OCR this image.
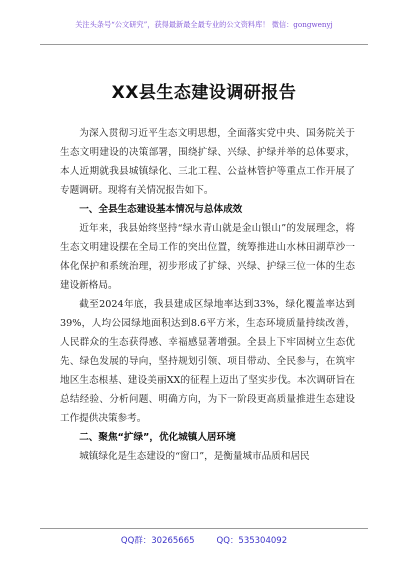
关注头条号“公文研究”，获得最新最全最专业的公文资料库！ 微信：gongwenyj
XX县生态建设调研报告

为深入贯彻习近平生态文明思想，全面落实党中央、国务院关于生态文明建设的决策部署，围绕扩绿、兴绿、护绿并举的总体要求，本人近期就我县城镇绿化、三北工程、公益林管护等重点工作开展了专题调研。现将有关情况报告如下。

一、全县生态建设基本情况与总体成效

近年来，我县始终坚持“绿水青山就是金山银山”的发展理念，将生态文明建设摆在全局工作的突出位置，统筹推进山水林田湖草沙一体化保护和系统治理，初步形成了扩绿、兴绿、护绿三位一体的生态建设新格局。

截至2024年底，我县建成区绿地率达到33%，绿化覆盖率达到39%，人均公园绿地面积达到8.6平方米，生态环境质量持续改善，人民群众的生态获得感、幸福感显著增强。全县上下牢固树立生态优先、绿色发展的导向，坚持规划引领、项目带动、全民参与，在筑牢地区生态根基、建设美丽XX的征程上迈出了坚实步伐。本次调研旨在总结经验、分析问题、明确方向，为下一阶段更高质量推进生态建设工作提供决策参考。

二、聚焦“扩绿”，优化城镇人居环境

城镇绿化是生态建设的“窗口”，是衡量城市品质和居民

QQ群：30265665	QQ：535304092
